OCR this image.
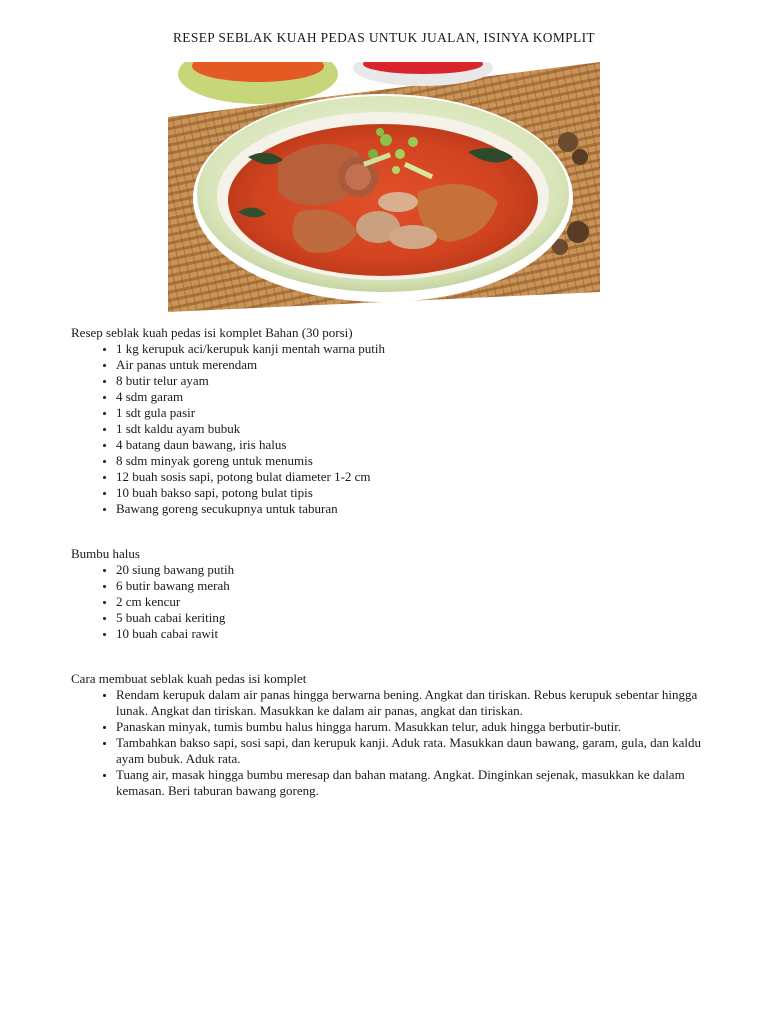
RESEP SEBLAK KUAH PEDAS UNTUK JUALAN, ISINYA KOMPLIT

Resep seblak kuah pedas isi komplet Bahan (30 porsi)

• 1 kg kerupuk aci/kerupuk kanji mentah warna putih
• Air panas untuk merendam
• 8 butir telur ayam
• 4 sdm garam
• 1 sdt gula pasir
• 1 sdt kaldu ayam bubuk
• 4 batang daun bawang, iris halus
• 8 sdm minyak goreng untuk menumis
• 12 buah sosis sapi, potong bulat diameter 1-2 cm
• 10 buah bakso sapi, potong bulat tipis
• Bawang goreng secukupnya untuk taburan

Bumbu halus

• 20 siung bawang putih
• 6 butir bawang merah
• 2 cm kencur
• 5 buah cabai keriting
• 10 buah cabai rawit

Cara membuat seblak kuah pedas isi komplet

• Rendam kerupuk dalam air panas hingga berwarna bening. Angkat dan tiriskan. Rebus kerupuk sebentar hingga lunak. Angkat dan tiriskan. Masukkan ke dalam air panas, angkat dan tiriskan.
• Panaskan minyak, tumis bumbu halus hingga harum. Masukkan telur, aduk hingga berbutir-butir.
• Tambahkan bakso sapi, sosi sapi, dan kerupuk kanji. Aduk rata. Masukkan daun bawang, garam, gula, dan kaldu ayam bubuk. Aduk rata.
• Tuang air, masak hingga bumbu meresap dan bahan matang. Angkat. Dinginkan sejenak, masukkan ke dalam kemasan. Beri taburan bawang goreng.
